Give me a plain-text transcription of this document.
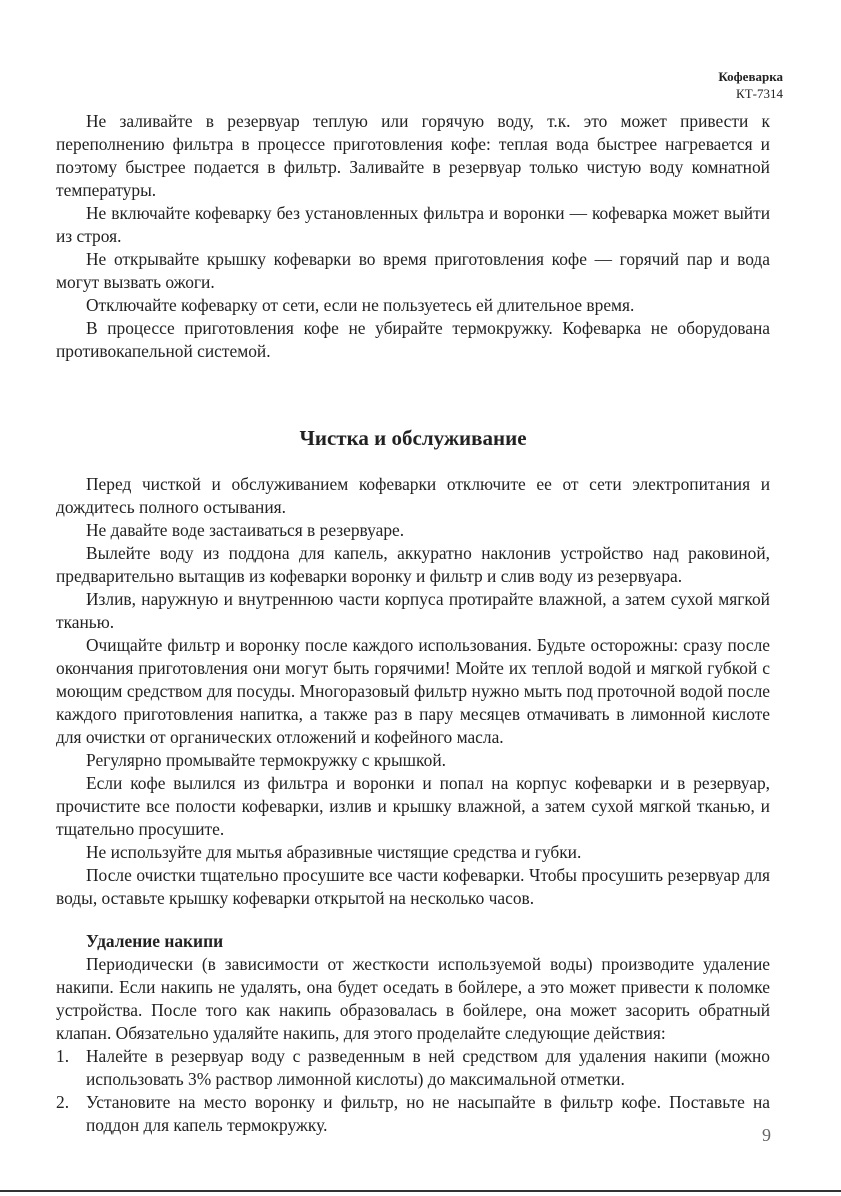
Кофеварка
КТ-7314

Не заливайте в резервуар теплую или горячую воду, т.к. это может привести к переполнению фильтра в процессе приготовления кофе: теплая вода быстрее нагревается и поэтому быстрее подается в фильтр. Заливайте в резервуар только чистую воду комнатной температуры.

Не включайте кофеварку без установленных фильтра и воронки — кофеварка может выйти из строя.

Не открывайте крышку кофеварки во время приготовления кофе — горячий пар и вода могут вызвать ожоги.

Отключайте кофеварку от сети, если не пользуетесь ей длительное время.

В процессе приготовления кофе не убирайте термокружку. Кофеварка не оборудована противокапельной системой.

Чистка и обслуживание

Перед чисткой и обслуживанием кофеварки отключите ее от сети электропитания и дождитесь полного остывания.

Не давайте воде застаиваться в резервуаре.

Вылейте воду из поддона для капель, аккуратно наклонив устройство над раковиной, предварительно вытащив из кофеварки воронку и фильтр и слив воду из резервуара.

Излив, наружную и внутреннюю части корпуса протирайте влажной, а затем сухой мягкой тканью.

Очищайте фильтр и воронку после каждого использования. Будьте осторожны: сразу после окончания приготовления они могут быть горячими! Мойте их теплой водой и мягкой губкой с моющим средством для посуды. Многоразовый фильтр нужно мыть под проточной водой после каждого приготовления напитка, а также раз в пару месяцев отмачивать в лимонной кислоте для очистки от органических отложений и кофейного масла.

Регулярно промывайте термокружку с крышкой.

Если кофе вылился из фильтра и воронки и попал на корпус кофеварки и в резервуар, прочистите все полости кофеварки, излив и крышку влажной, а затем сухой мягкой тканью, и тщательно просушите.

Не используйте для мытья абразивные чистящие средства и губки.

После очистки тщательно просушите все части кофеварки. Чтобы просушить резервуар для воды, оставьте крышку кофеварки открытой на несколько часов.

Удаление накипи

Периодически (в зависимости от жесткости используемой воды) производите удаление накипи. Если накипь не удалять, она будет оседать в бойлере, а это может привести к поломке устройства. После того как накипь образовалась в бойлере, она может засорить обратный клапан. Обязательно удаляйте накипь, для этого проделайте следующие действия:

1. Налейте в резервуар воду с разведенным в ней средством для удаления накипи (можно использовать 3% раствор лимонной кислоты) до максимальной отметки.
2. Установите на место воронку и фильтр, но не насыпайте в фильтр кофе. Поставьте на поддон для капель термокружку.	9
